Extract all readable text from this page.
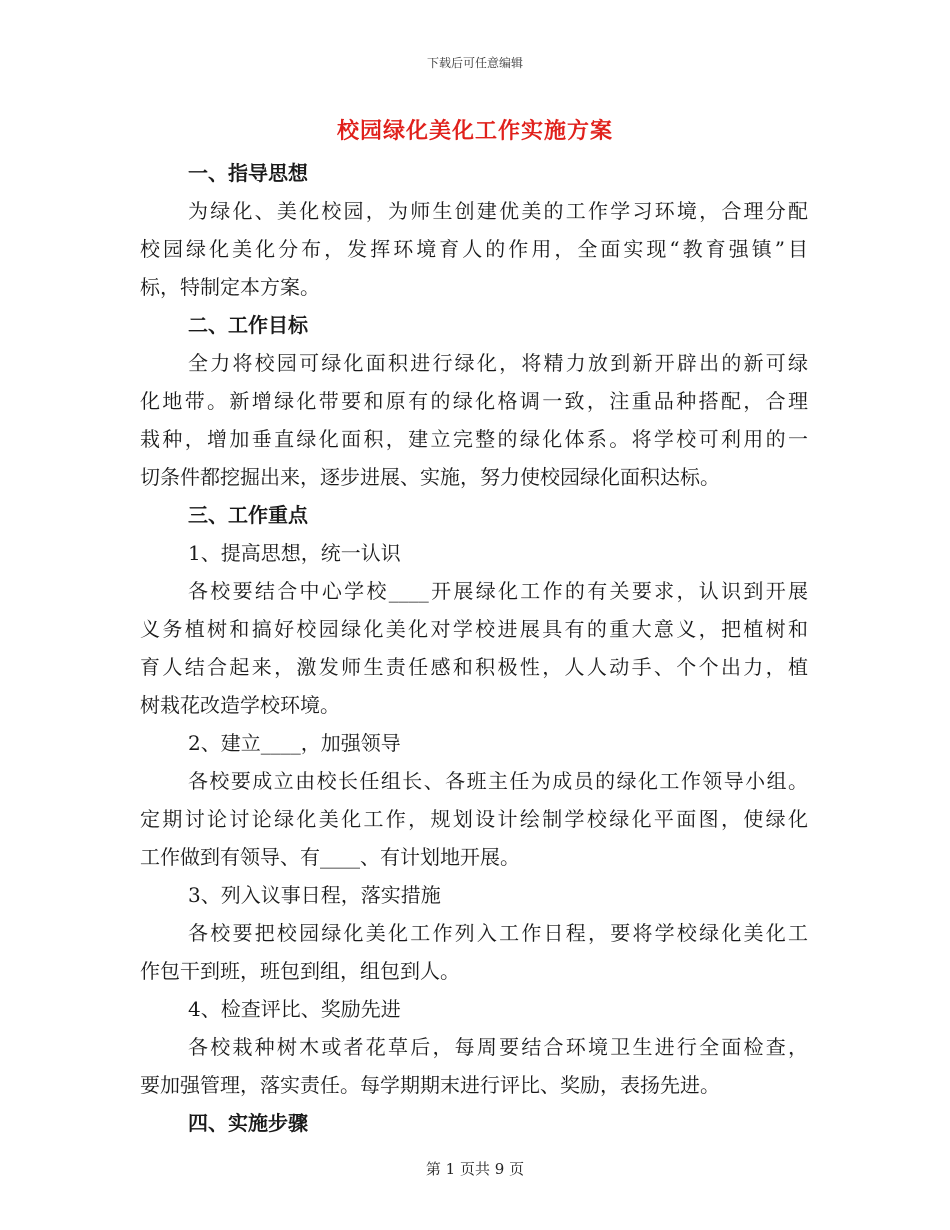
下载后可任意编辑
校园绿化美化工作实施方案
一、指导思想
为绿化、美化校园，为师生创建优美的工作学习环境，合理分配
校园绿化美化分布，发挥环境育人的作用，全面实现“教育强镇”目
标，特制定本方案。
二、工作目标
全力将校园可绿化面积进行绿化，将精力放到新开辟出的新可绿
化地带。新增绿化带要和原有的绿化格调一致，注重品种搭配，合理
栽种，增加垂直绿化面积，建立完整的绿化体系。将学校可利用的一
切条件都挖掘出来，逐步进展、实施，努力使校园绿化面积达标。
三、工作重点
1、提高思想，统一认识
各校要结合中心学校____开展绿化工作的有关要求，认识到开展
义务植树和搞好校园绿化美化对学校进展具有的重大意义，把植树和
育人结合起来，激发师生责任感和积极性，人人动手、个个出力，植
树栽花改造学校环境。
2、建立____，加强领导
各校要成立由校长任组长、各班主任为成员的绿化工作领导小组。
定期讨论讨论绿化美化工作，规划设计绘制学校绿化平面图，使绿化
工作做到有领导、有____、有计划地开展。
3、列入议事日程，落实措施
各校要把校园绿化美化工作列入工作日程，要将学校绿化美化工
作包干到班，班包到组，组包到人。
4、检查评比、奖励先进
各校栽种树木或者花草后，每周要结合环境卫生进行全面检查，
要加强管理，落实责任。每学期期末进行评比、奖励，表扬先进。
四、实施步骤
第 1 页共 9 页
